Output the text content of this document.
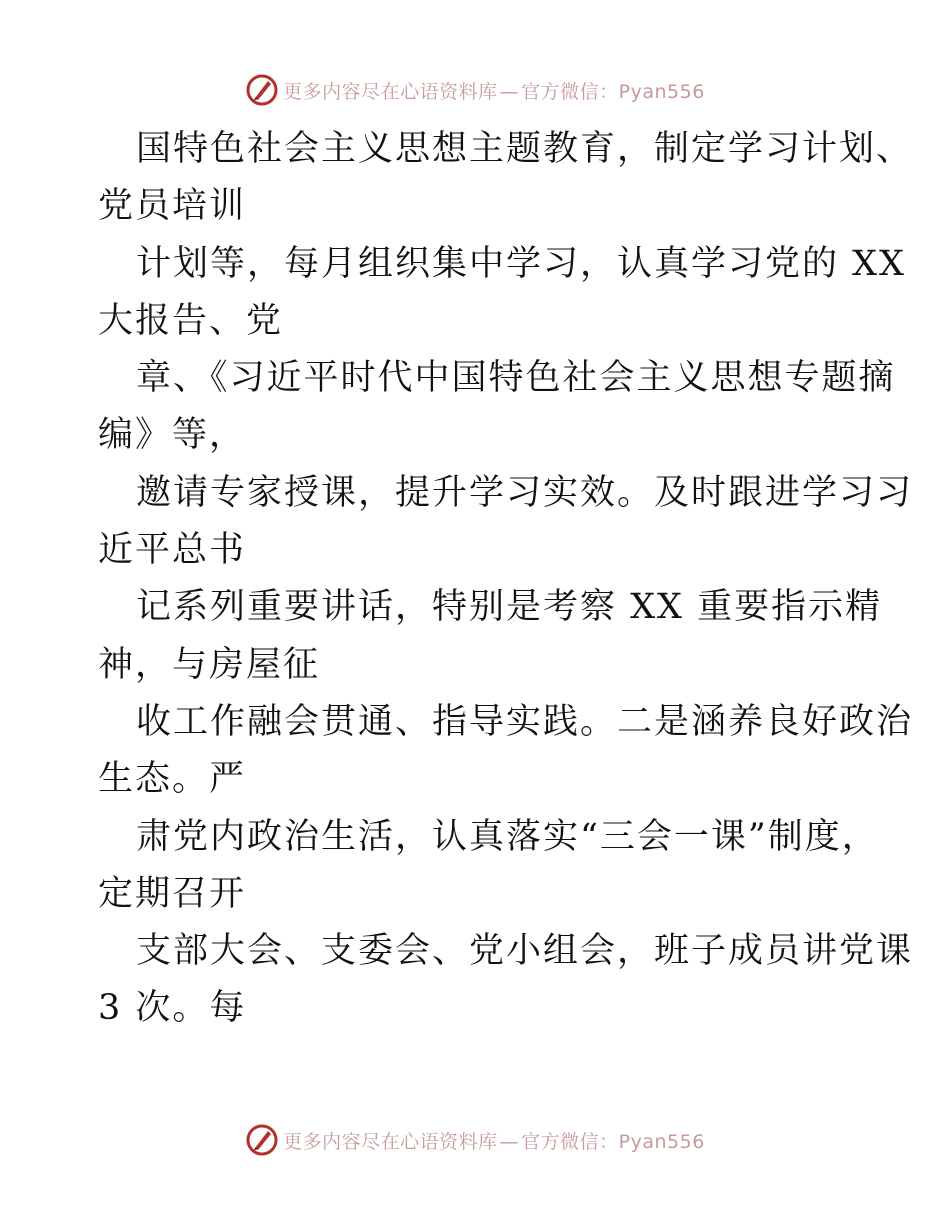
更多内容尽在心语资料库 — 官方微信：Pyan556
国特色社会主义思想主题教育，制定学习计划、
党员培训
计划等，每月组织集中学习，认真学习党的 XX
大报告、党
章、《习近平时代中国特色社会主义思想专题摘
编》等，
邀请专家授课，提升学习实效。及时跟进学习习
近平总书
记系列重要讲话，特别是考察 XX 重要指示精
神，与房屋征
收工作融会贯通、指导实践。二是涵养良好政治
生态。严
肃党内政治生活，认真落实“三会一课”制度，
定期召开
支部大会、支委会、党小组会，班子成员讲党课
3 次。每
更多内容尽在心语资料库 — 官方微信：Pyan556
